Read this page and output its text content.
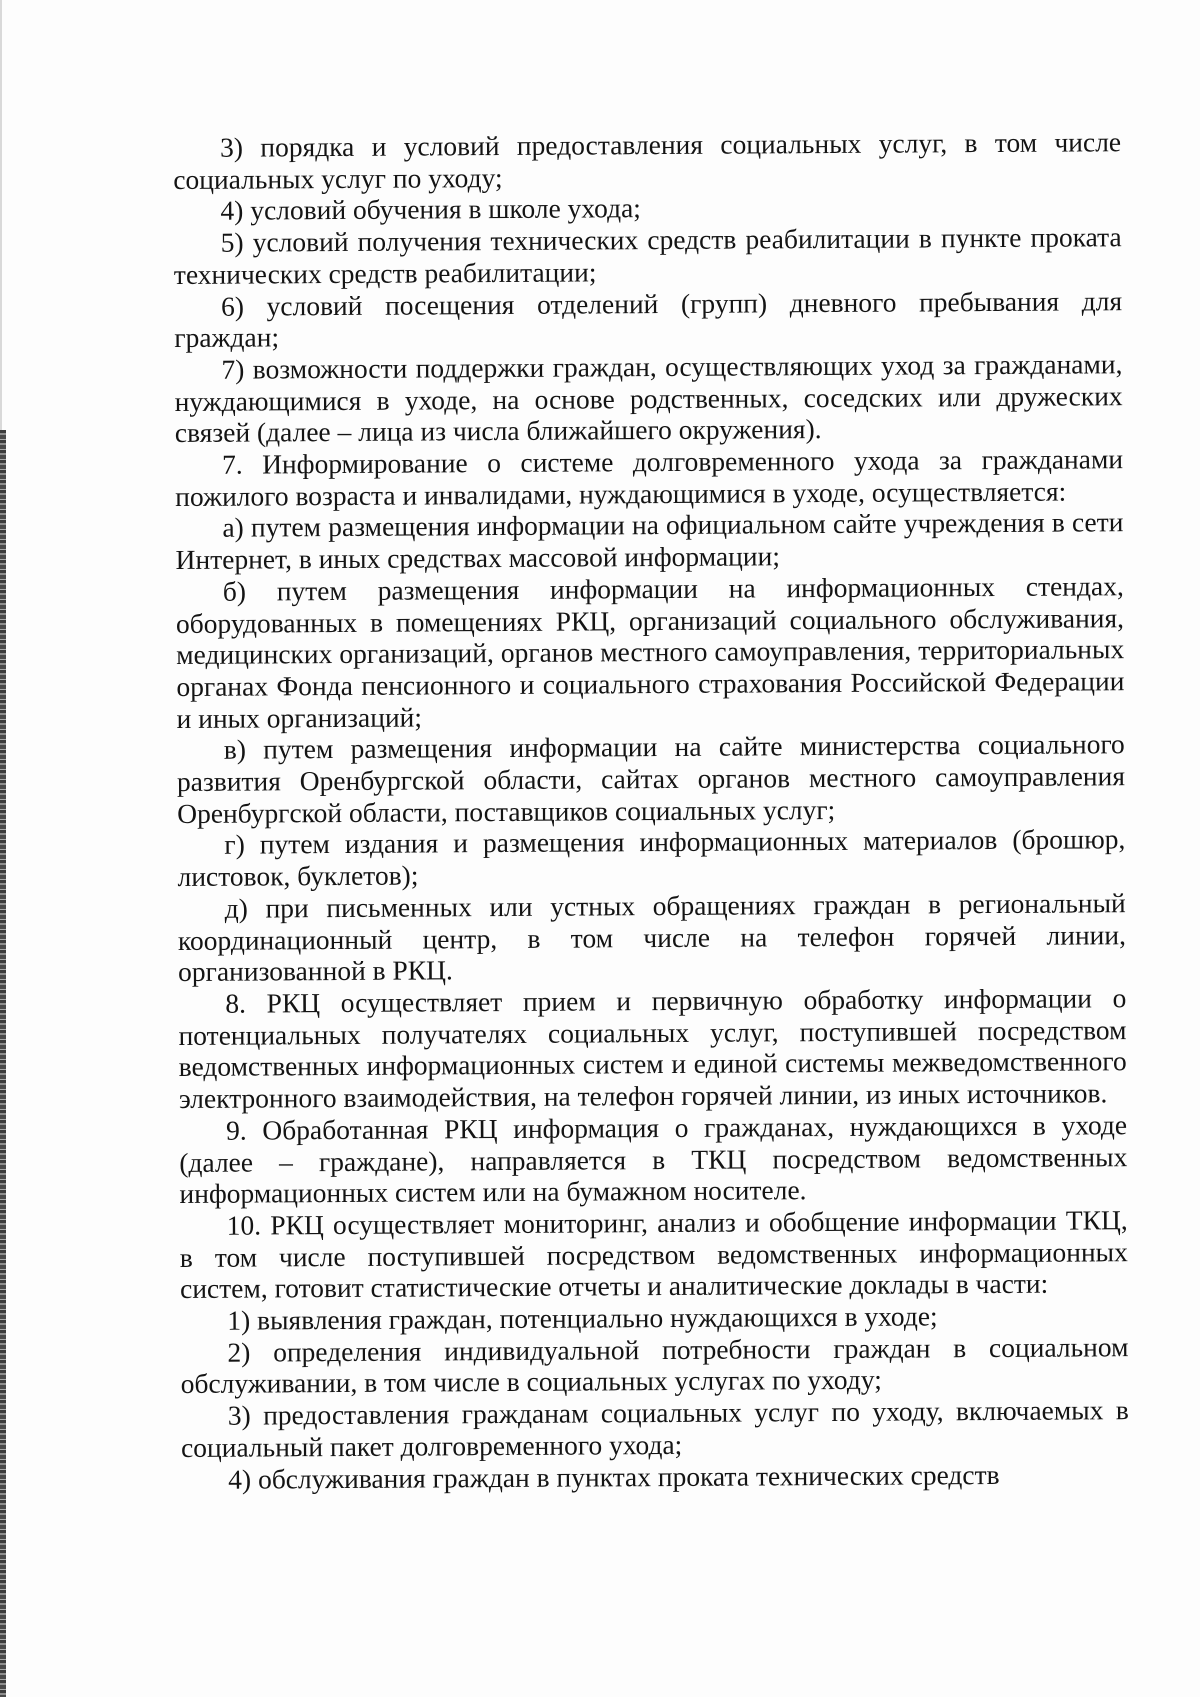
3) порядка и условий предоставления социальных услуг, в том числе социальных услуг по уходу;

4) условий обучения в школе ухода;

5) условий получения технических средств реабилитации в пункте проката технических средств реабилитации;

6) условий посещения отделений (групп) дневного пребывания для граждан;

7) возможности поддержки граждан, осуществляющих уход за гражданами, нуждающимися в уходе, на основе родственных, соседских или дружеских связей (далее – лица из числа ближайшего окружения).

7. Информирование о системе долговременного ухода за гражданами пожилого возраста и инвалидами, нуждающимися в уходе, осуществляется:

а) путем размещения информации на официальном сайте учреждения в сети Интернет, в иных средствах массовой информации;

б) путем размещения информации на информационных стендах, оборудованных в помещениях РКЦ, организаций социального обслуживания, медицинских организаций, органов местного самоуправления, территориальных органах Фонда пенсионного и социального страхования Российской Федерации и иных организаций;

в) путем размещения информации на сайте министерства социального развития Оренбургской области, сайтах органов местного самоуправления Оренбургской области, поставщиков социальных услуг;

г) путем издания и размещения информационных материалов (брошюр, листовок, буклетов);

д) при письменных или устных обращениях граждан в региональный координационный центр, в том числе на телефон горячей линии, организованной в РКЦ.

8. РКЦ осуществляет прием и первичную обработку информации о потенциальных получателях социальных услуг, поступившей посредством ведомственных информационных систем и единой системы межведомственного электронного взаимодействия, на телефон горячей линии, из иных источников.

9. Обработанная РКЦ информация о гражданах, нуждающихся в уходе (далее – граждане), направляется в ТКЦ посредством ведомственных информационных систем или на бумажном носителе.

10. РКЦ осуществляет мониторинг, анализ и обобщение информации ТКЦ, в том числе поступившей посредством ведомственных информационных систем, готовит статистические отчеты и аналитические доклады в части:

1) выявления граждан, потенциально нуждающихся в уходе;

2) определения индивидуальной потребности граждан в социальном обслуживании, в том числе в социальных услугах по уходу;

3) предоставления гражданам социальных услуг по уходу, включаемых в социальный пакет долговременного ухода;

4) обслуживания граждан в пунктах проката технических средств
